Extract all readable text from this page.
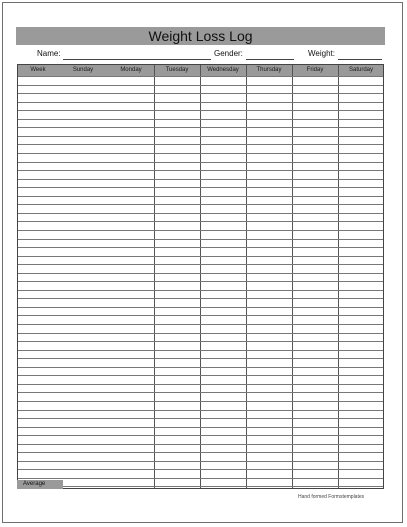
Weight Loss Log
Name:	Gender:	Weight:
Week	Sunday	Monday	Tuesday	Wednesday	Thursday	Friday	Saturday
Average
Hand formed Formstemplates
